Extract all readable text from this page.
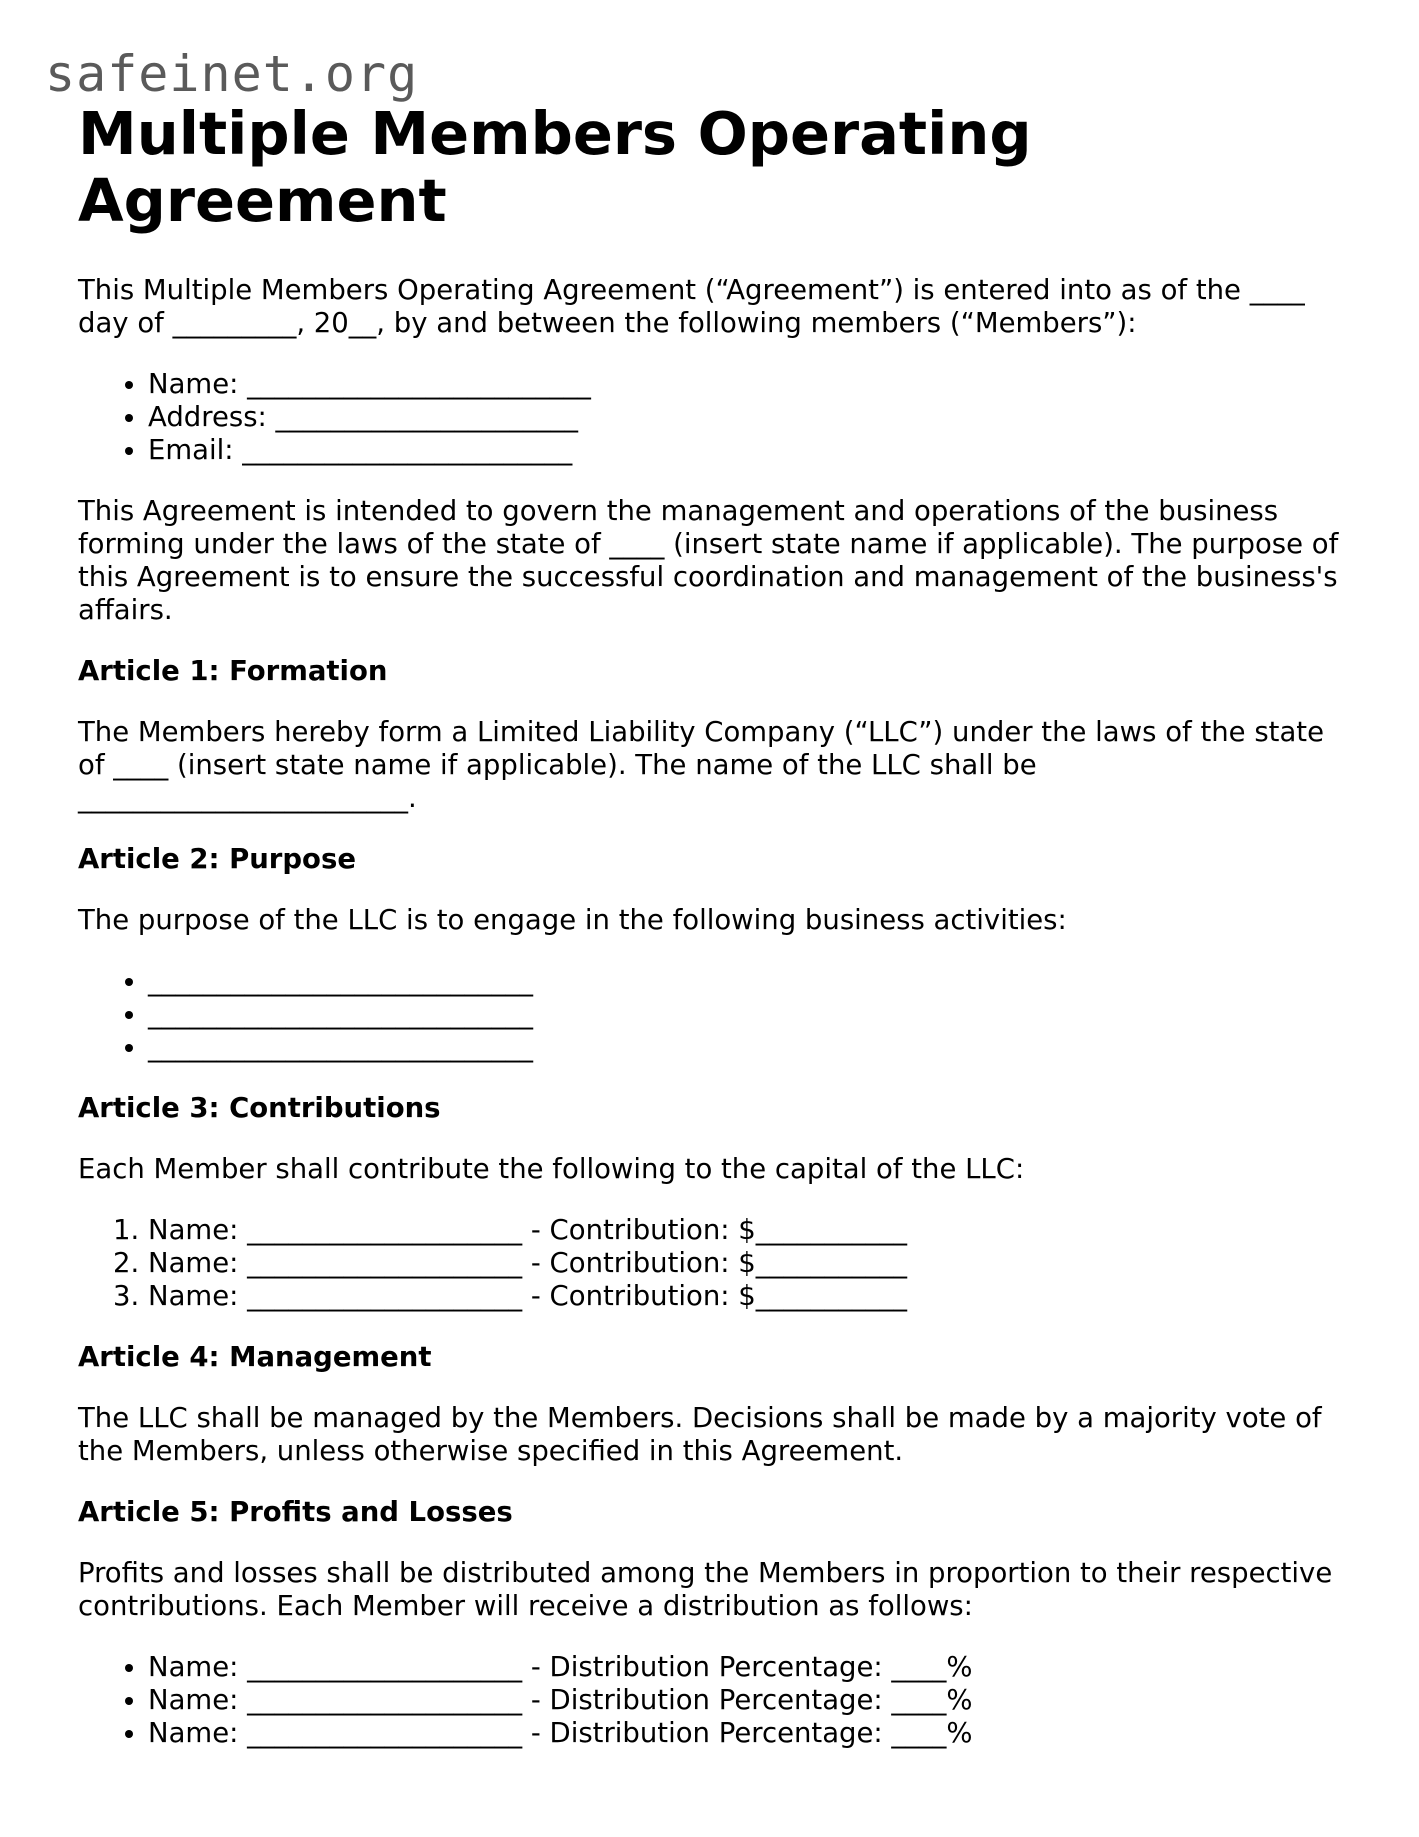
safeinet.org
Multiple Members Operating Agreement

This Multiple Members Operating Agreement (“Agreement”) is entered into as of the ____ day of _________, 20__, by and between the following members (“Members”):

• Name: _________________________
• Address: ______________________
• Email: ________________________

This Agreement is intended to govern the management and operations of the business forming under the laws of the state of ____ (insert state name if applicable). The purpose of this Agreement is to ensure the successful coordination and management of the business's affairs.

Article 1: Formation

The Members hereby form a Limited Liability Company (“LLC”) under the laws of the state of ____ (insert state name if applicable). The name of the LLC shall be ________________________.

Article 2: Purpose

The purpose of the LLC is to engage in the following business activities:

• ____________________________
• ____________________________
• ____________________________
Article 3: Contributions

Each Member shall contribute the following to the capital of the LLC:

1. Name: ____________________ - Contribution: $___________
2. Name: ____________________ - Contribution: $___________
3. Name: ____________________ - Contribution: $___________
Article 4: Management

The LLC shall be managed by the Members. Decisions shall be made by a majority vote of the Members, unless otherwise specified in this Agreement.

Article 5: Profits and Losses

Profits and losses shall be distributed among the Members in proportion to their respective contributions. Each Member will receive a distribution as follows:

• Name: ____________________ - Distribution Percentage: ____%
• Name: ____________________ - Distribution Percentage: ____%
• Name: ____________________ - Distribution Percentage: ____%
